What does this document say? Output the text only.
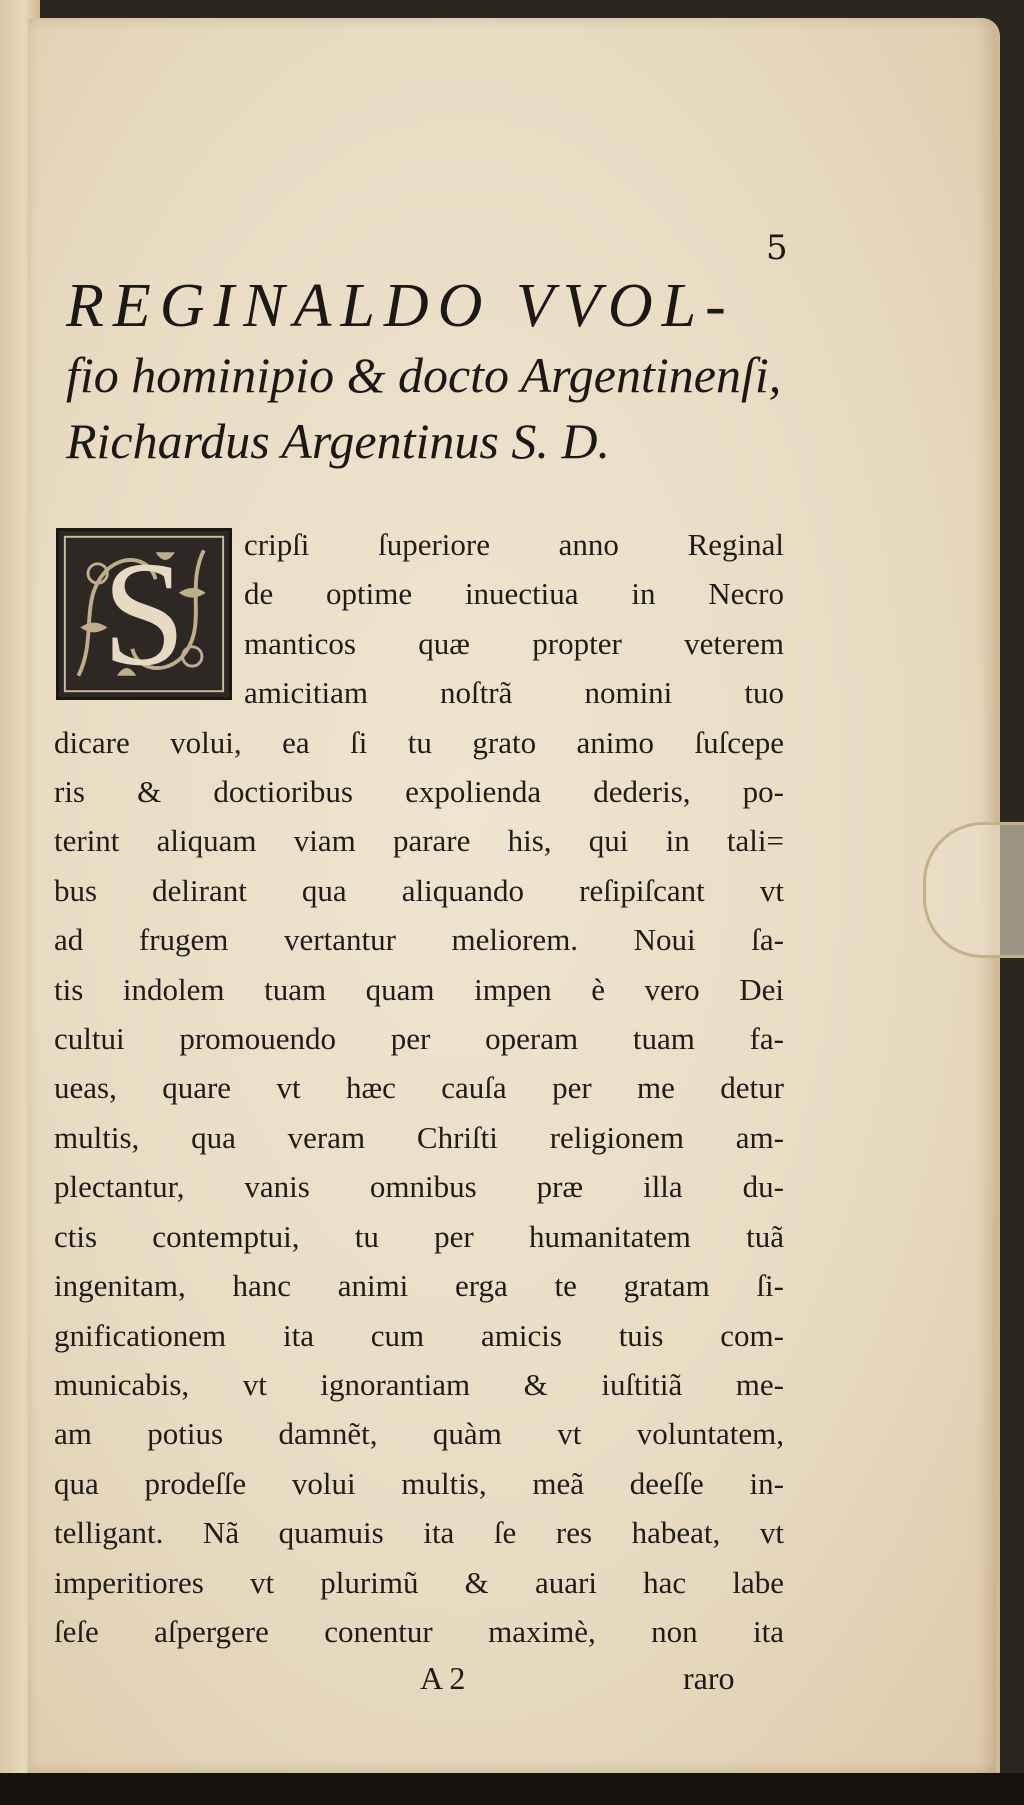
5
REGINALDO VVOL-
fio hominipio & docto Argentinenſi,
Richardus Argentinus S. D.
S	cripſi ſuperiore anno Reginal
de optime inuectiua in Necro
manticos quæ propter veterem
amicitiam noſtrã nomini tuo
dicare volui, ea ſi tu grato animo ſuſcepe
ris & doctioribus expolienda dederis, po-
terint aliquam viam parare his, qui in tali=
bus delirant qua aliquando reſipiſcant vt
ad frugem vertantur meliorem. Noui ſa-
tis indolem tuam quam impen è vero Dei
cultui promouendo per operam tuam fa-
ueas, quare vt hæc cauſa per me detur
multis, qua veram Chriſti religionem am-
plectantur, vanis omnibus præ illa du-
ctis contemptui, tu per humanitatem tuã
ingenitam, hanc animi erga te gratam ſi-
gnificationem ita cum amicis tuis com-
municabis, vt ignorantiam & iuſtitiã me-
am potius damnẽt, quàm vt voluntatem,
qua prodeſſe volui multis, meã deeſſe in-
telligant. Nã quamuis ita ſe res habeat, vt
imperitiores vt plurimũ & auari hac labe
ſeſe aſpergere conentur maximè, non ita
A 2	raro
